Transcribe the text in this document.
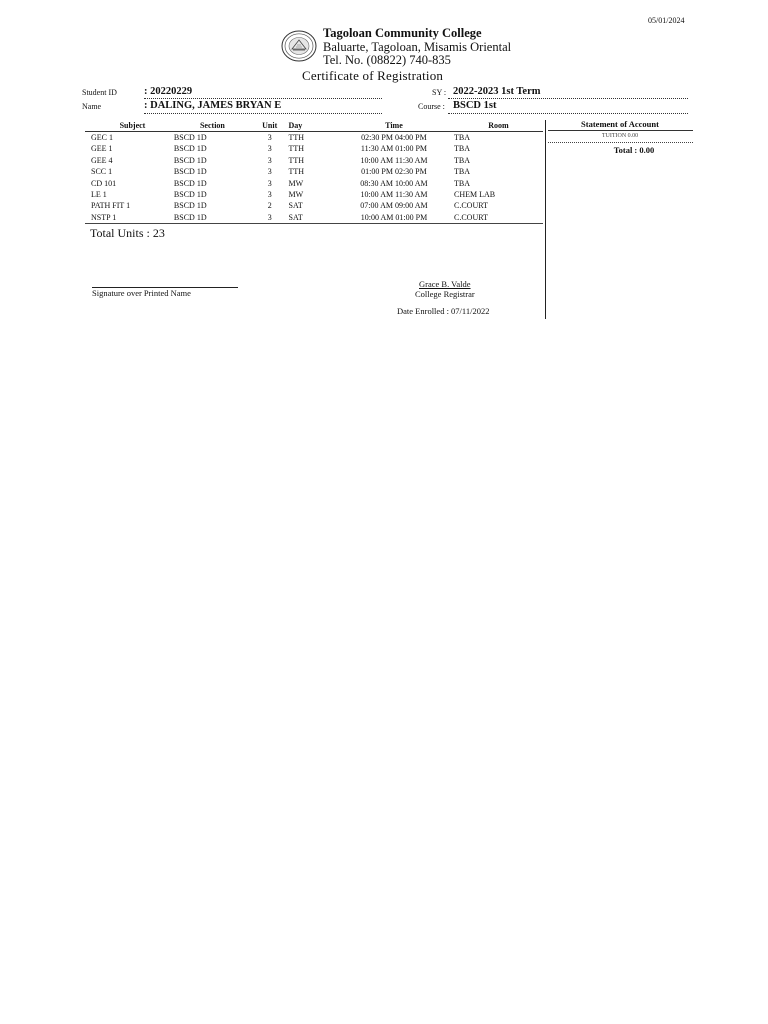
05/01/2024
Tagoloan Community College
Baluarte, Tagoloan, Misamis Oriental
Tel. No. (08822) 740-835
Certificate of Registration
Student ID	: 20220229
Name	: DALING, JAMES BRYAN E
SY : 2022-2023 1st Term
Course : BSCD 1st
Subject	Section	Unit	Day	Time	Room
GEC 1	BSCD 1D	3	TTH	02:30 PM 04:00 PM	TBA
GEE 1	BSCD 1D	3	TTH	11:30 AM 01:00 PM	TBA
GEE 4	BSCD 1D	3	TTH	10:00 AM 11:30 AM	TBA
SCC 1	BSCD 1D	3	TTH	01:00 PM 02:30 PM	TBA
CD 101	BSCD 1D	3	MW	08:30 AM 10:00 AM	TBA
LE 1	BSCD 1D	3	MW	10:00 AM 11:30 AM	CHEM LAB
PATH FIT 1	BSCD 1D	2	SAT	07:00 AM 09:00 AM	C.COURT
NSTP 1	BSCD 1D	3	SAT	10:00 AM 01:00 PM	C.COURT
Total Units : 23
Statement of Account
TUITION 0.00
Total : 0.00
Signature over Printed Name
Grace B. Valde
College Registrar
Date Enrolled : 07/11/2022
